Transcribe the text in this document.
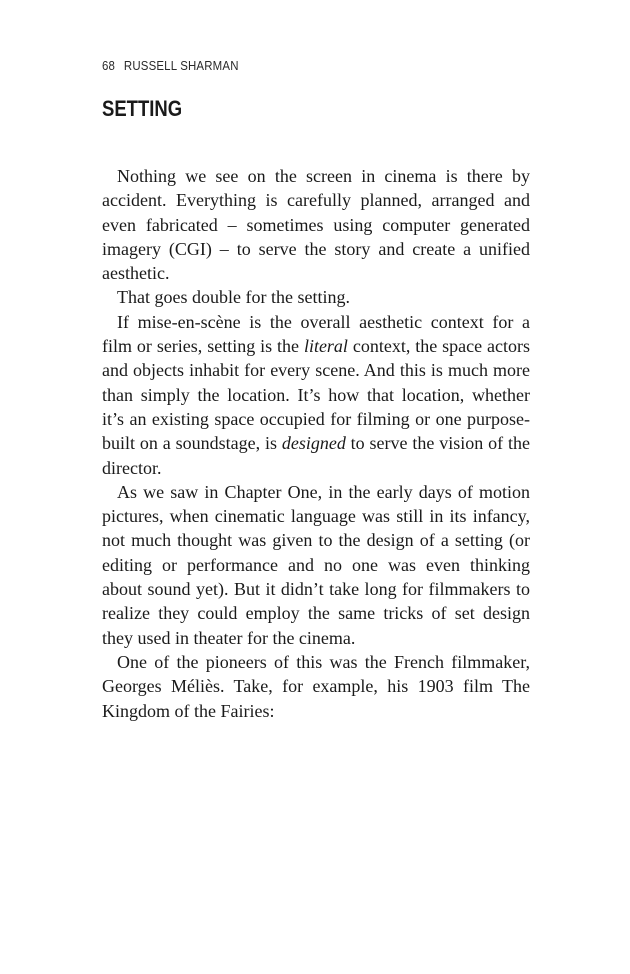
68 RUSSELL SHARMAN
SETTING

Nothing we see on the screen in cinema is there by accident. Everything is carefully planned, arranged and even fabricated – sometimes using computer generated imagery (CGI) – to serve the story and create a unified aesthetic.

That goes double for the setting.

If mise-en-scène is the overall aesthetic context for a film or series, setting is the literal context, the space actors and objects inhabit for every scene. And this is much more than simply the location. It’s how that location, whether it’s an existing space occupied for filming or one purpose-built on a soundstage, is designed to serve the vision of the director.

As we saw in Chapter One, in the early days of motion pictures, when cinematic language was still in its infancy, not much thought was given to the design of a setting (or editing or performance and no one was even thinking about sound yet). But it didn’t take long for filmmakers to realize they could employ the same tricks of set design they used in theater for the cinema.

One of the pioneers of this was the French filmmaker, Georges Méliès. Take, for example, his 1903 film The Kingdom of the Fairies:
